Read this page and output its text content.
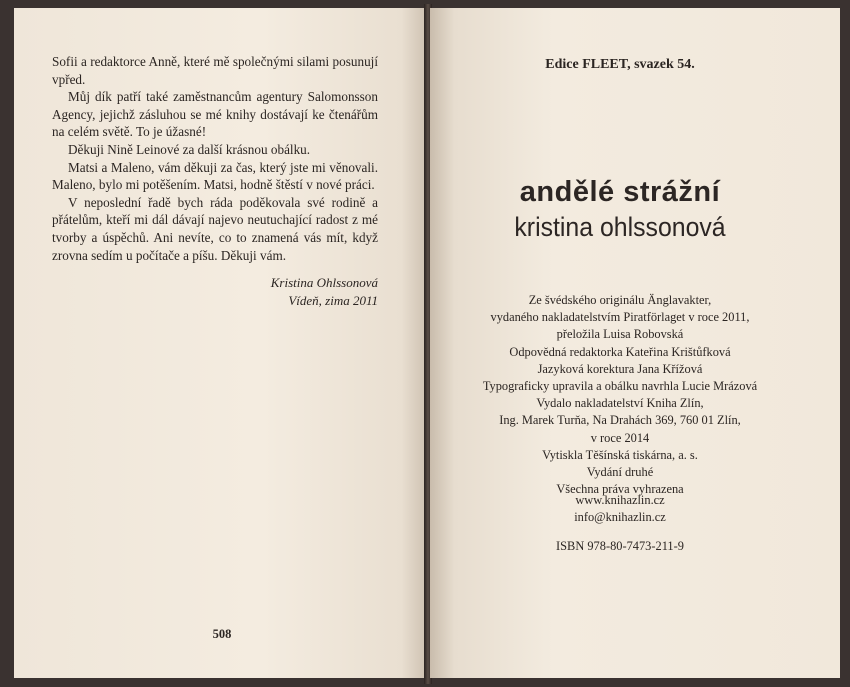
Sofii a redaktorce Anně, které mě společnými silami posunují vpřed.

Můj dík patří také zaměstnancům agentury Salomonsson Agency, jejichž zásluhou se mé knihy dostávají ke čtenářům na celém světě. To je úžasné!

Děkuji Nině Leinové za další krásnou obálku.

Matsi a Maleno, vám děkuji za čas, který jste mi věnovali. Maleno, bylo mi potěšením. Matsi, hodně štěstí v nové práci.

V neposlední řadě bych ráda poděkovala své rodině a přátelům, kteří mi dál dávají najevo neutuchající radost z mé tvorby a úspěchů. Ani nevíte, co to znamená vás mít, když zrovna sedím u počítače a píšu. Děkuji vám.

Kristina Ohlssonová
Vídeň, zima 2011
508
Edice FLEET, svazek 54.
andělé strážní
kristina ohlssonová
Ze švédského originálu Änglavakter,
vydaného nakladatelstvím Piratförlaget v roce 2011,
přeložila Luisa Robovská
Odpovědná redaktorka Kateřina Krištůfková
Jazyková korektura Jana Křížová
Typograficky upravila a obálku navrhla Lucie Mrázová
Vydalo nakladatelství Kniha Zlín,
Ing. Marek Turňa, Na Drahách 369, 760 01 Zlín,
v roce 2014
Vytiskla Těšínská tiskárna, a. s.
Vydání druhé
Všechna práva vyhrazena
www.knihazlin.cz
info@knihazlin.cz
ISBN 978-80-7473-211-9
